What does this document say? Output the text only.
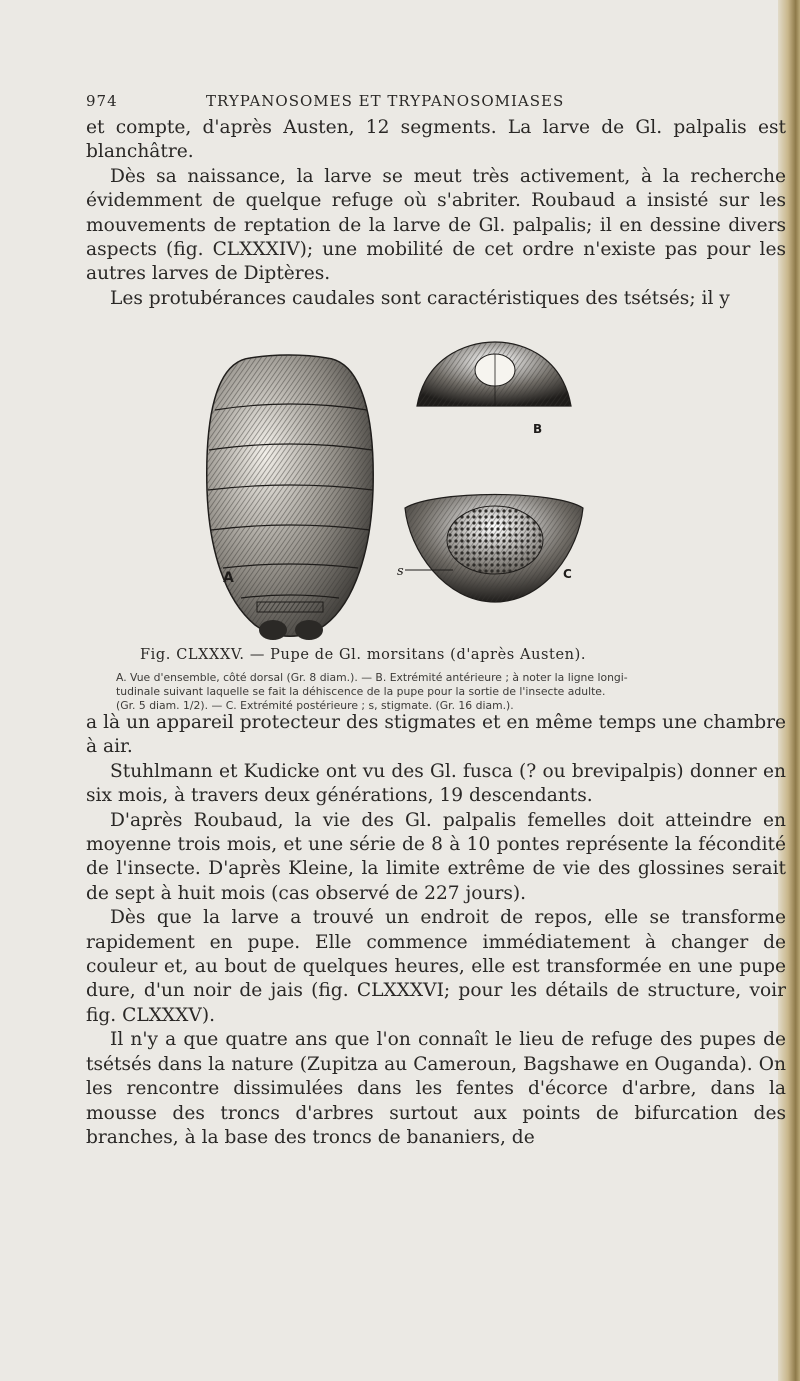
974	TRYPANOSOMES ET TRYPANOSOMIASES

et compte, d'après Austen, 12 segments. La larve de Gl. palpalis est blanchâtre.

Dès sa naissance, la larve se meut très activement, à la recherche évidemment de quelque refuge où s'abriter. Roubaud a insisté sur les mouvements de reptation de la larve de Gl. palpalis; il en dessine divers aspects (fig. CLXXXIV); une mobilité de cet ordre n'existe pas pour les autres larves de Diptères.

Les protubérances caudales sont caractéristiques des tsétsés; il y

A
B
s	C
Fig. CLXXXV. — Pupe de Gl. morsitans (d'après Austen).

A. Vue d'ensemble, côté dorsal (Gr. 8 diam.). — B. Extrémité antérieure ; à noter la ligne longi-

tudinale suivant laquelle se fait la déhiscence de la pupe pour la sortie de l'insecte adulte.

(Gr. 5 diam. 1/2). — C. Extrémité postérieure ; s, stigmate. (Gr. 16 diam.).

a là un appareil protecteur des stigmates et en même temps une chambre à air.

Stuhlmann et Kudicke ont vu des Gl. fusca (? ou brevipalpis) donner en six mois, à travers deux générations, 19 descendants.

D'après Roubaud, la vie des Gl. palpalis femelles doit atteindre en moyenne trois mois, et une série de 8 à 10 pontes représente la fécondité de l'insecte. D'après Kleine, la limite extrême de vie des glossines serait de sept à huit mois (cas observé de 227 jours).

Dès que la larve a trouvé un endroit de repos, elle se transforme rapidement en pupe. Elle commence immédiatement à changer de couleur et, au bout de quelques heures, elle est transformée en une pupe dure, d'un noir de jais (fig. CLXXXVI; pour les détails de structure, voir fig. CLXXXV).

Il n'y a que quatre ans que l'on connaît le lieu de refuge des pupes de tsétsés dans la nature (Zupitza au Cameroun, Bagshawe en Ouganda). On les rencontre dissimulées dans les fentes d'écorce d'arbre, dans la mousse des troncs d'arbres surtout aux points de bifurcation des branches, à la base des troncs de bananiers, de
